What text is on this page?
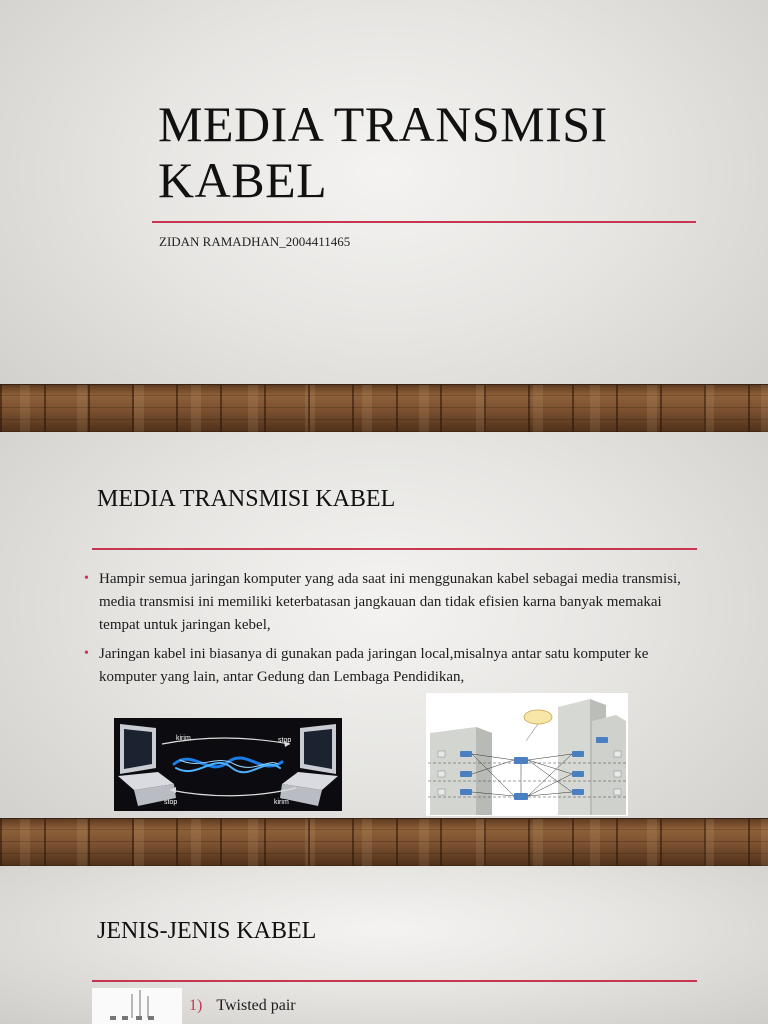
MEDIA TRANSMISI
KABEL
ZIDAN RAMADHAN_2004411465
MEDIA TRANSMISI KABEL
• Hampir semua jaringan komputer yang ada saat ini menggunakan kabel sebagai media transmisi, media transmisi ini memiliki keterbatasan jangkauan dan tidak efisien karna banyak memakai tempat untuk jaringan kebel,
• Jaringan kabel ini biasanya di gunakan pada jaringan local,misalnya antar satu komputer ke komputer yang lain, antar Gedung dan Lembaga Pendidikan,
kirim	stop
stop	kirim
JENIS-JENIS KABEL
1) Twisted pair
